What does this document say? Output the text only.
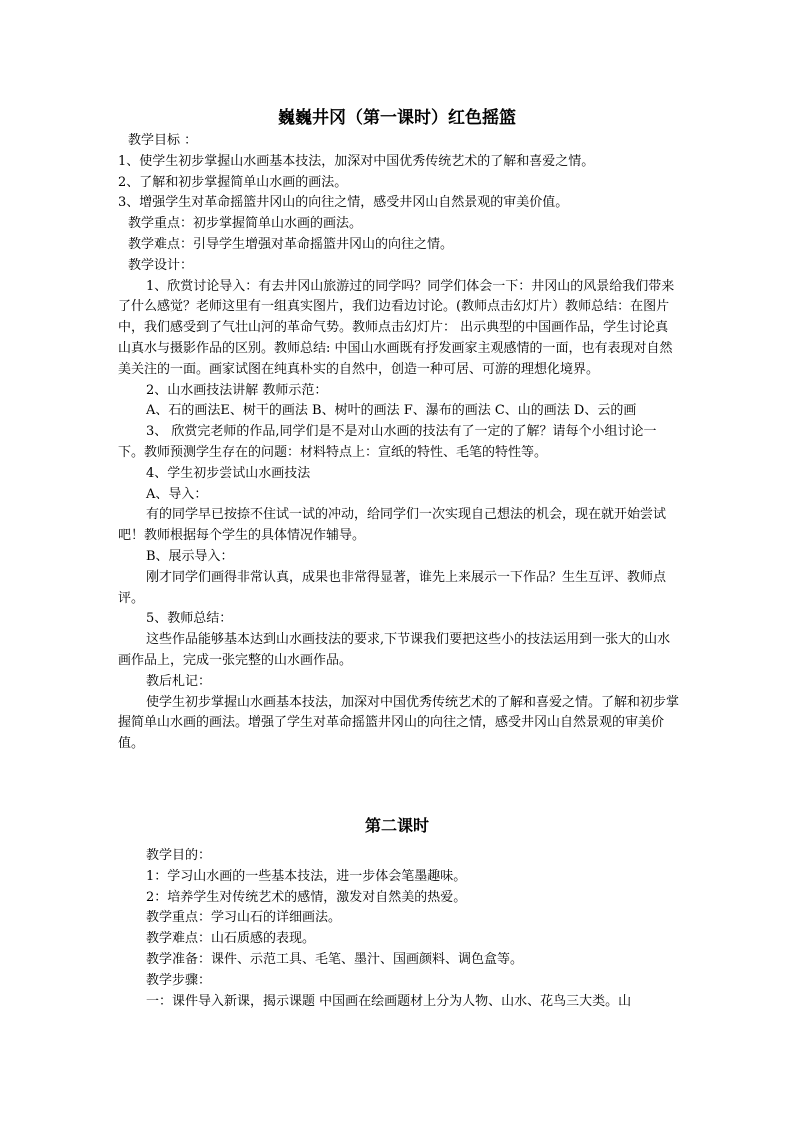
巍巍井冈（第一课时）红色摇篮

教学目标 ：

1、使学生初步掌握山水画基本技法，加深对中国优秀传统艺术的了解和喜爱之情。

2、了解和初步掌握简单山水画的画法。

3、增强学生对革命摇篮井冈山的向往之情，感受井冈山自然景观的审美价值。

教学重点：初步掌握简单山水画的画法。

教学难点：引导学生增强对革命摇篮井冈山的向往之情。

教学设计：

1、欣赏讨论导入：有去井冈山旅游过的同学吗？同学们体会一下：井冈山的风景给我们带来了什么感觉？老师这里有一组真实图片，我们边看边讨论。(教师点击幻灯片）教师总结：在图片中，我们感受到了气壮山河的革命气势。教师点击幻灯片： 出示典型的中国画作品，学生讨论真山真水与摄影作品的区别。教师总结: 中国山水画既有抒发画家主观感情的一面，也有表现对自然美关注的一面。画家试图在纯真朴实的自然中，创造一种可居、可游的理想化境界。

2、山水画技法讲解 教师示范：

A、石的画法E、树干的画法 B、树叶的画法 F、瀑布的画法 C、山的画法 D、云的画

3、 欣赏完老师的作品,同学们是不是对山水画的技法有了一定的了解？请每个小组讨论一下。教师预测学生存在的问题：材料特点上：宣纸的特性、毛笔的特性等。

4、学生初步尝试山水画技法

A、导入：

有的同学早已按捺不住试一试的冲动，给同学们一次实现自己想法的机会，现在就开始尝试吧！教师根据每个学生的具体情况作辅导。

B、展示导入：

刚才同学们画得非常认真，成果也非常得显著，谁先上来展示一下作品？生生互评、教师点评。

5、教师总结：

这些作品能够基本达到山水画技法的要求,下节课我们要把这些小的技法运用到一张大的山水画作品上，完成一张完整的山水画作品。

教后札记：

使学生初步掌握山水画基本技法，加深对中国优秀传统艺术的了解和喜爱之情。了解和初步掌握简单山水画的画法。增强了学生对革命摇篮井冈山的向往之情，感受井冈山自然景观的审美价值。

第二课时

教学目的：

1：学习山水画的一些基本技法，进一步体会笔墨趣味。

2：培养学生对传统艺术的感情，激发对自然美的热爱。

教学重点：学习山石的详细画法。

教学难点：山石质感的表现。

教学准备：课件、示范工具、毛笔、墨汁、国画颜料、调色盒等。

教学步骤：

一：课件导入新课，揭示课题 中国画在绘画题材上分为人物、山水、花鸟三大类。山
